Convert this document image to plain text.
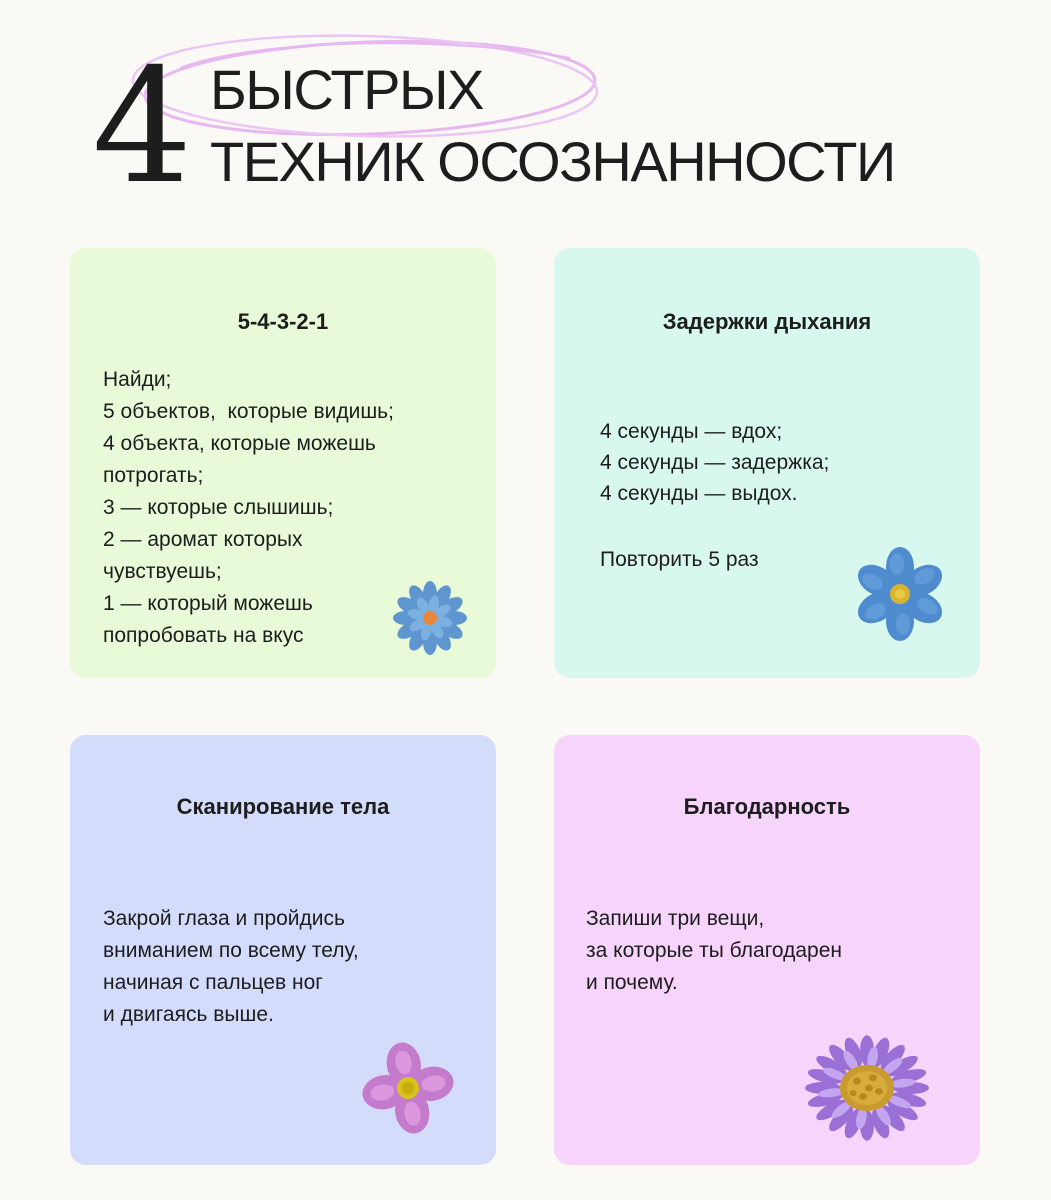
4 БЫСТРЫХ
ТЕХНИК ОСОЗНАННОСТИ
5-4-3-2-1
Найди;
5 объектов,  которые видишь;
4 объекта, которые можешь
потрогать;
3 — которые слышишь;
2 — аромат которых
чувствуешь;
1 — который можешь
попробовать на вкус
Задержки дыхания
4 секунды — вдох;
4 секунды — задержка;
4 секунды — выдох.
Повторить 5 раз
Сканирование тела
Закрой глаза и пройдись
вниманием по всему телу,
начиная с пальцев ног
и двигаясь выше.
Благодарность
Запиши три вещи,
за которые ты благодарен
и почему.
